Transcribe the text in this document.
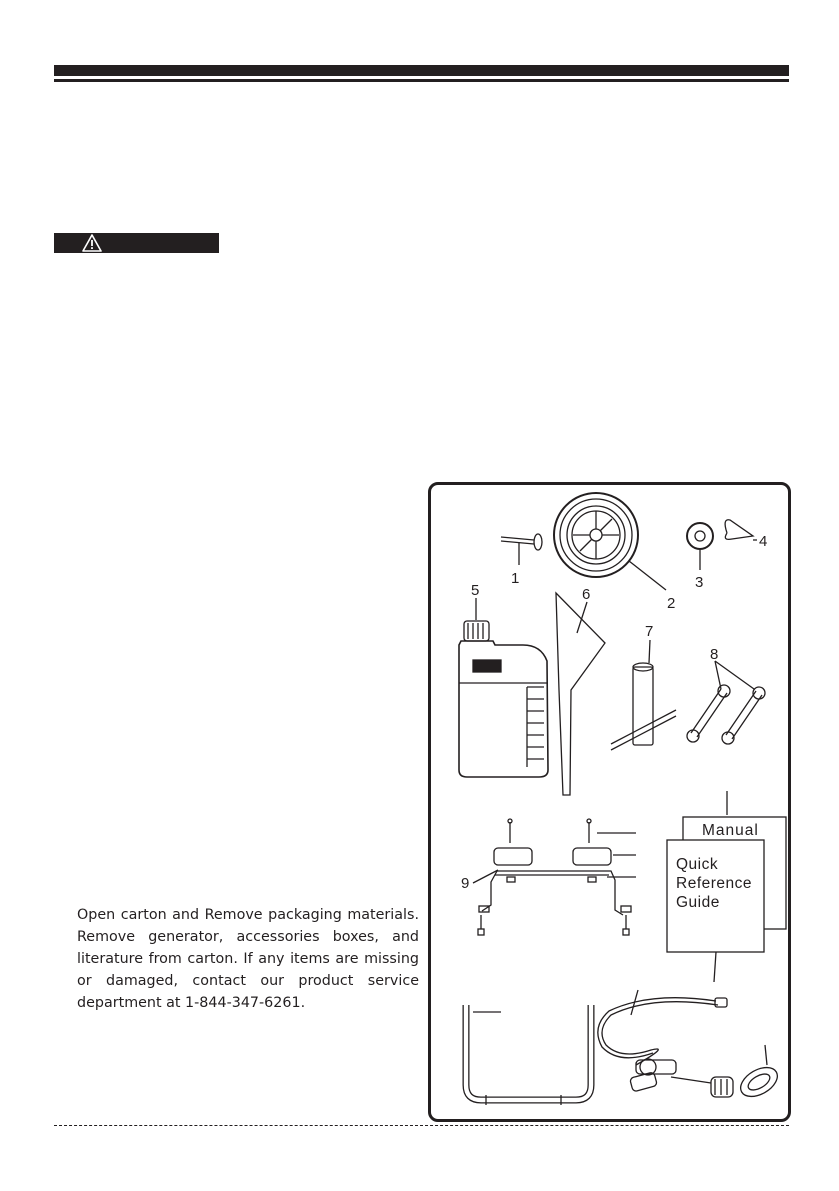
Open carton and Remove packaging materials. Remove generator, accessories boxes, and literature from carton. If any items are missing or damaged, contact our product service department at 1-844-347-6261.

1
2
3
4
5	6
7
8
9
Manual
Quick
Reference
Guide
